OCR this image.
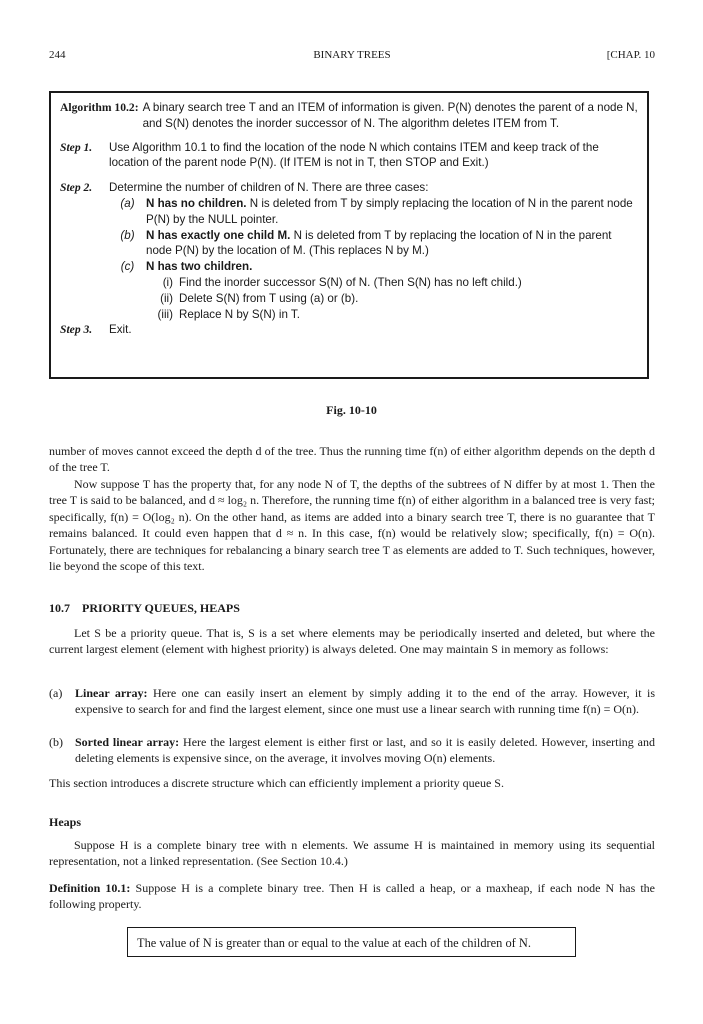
244	BINARY TREES	[CHAP. 10
Algorithm 10.2: A binary search tree T and an ITEM of information is given. P(N) denotes the parent of a node N, and S(N) denotes the inorder successor of N. The algorithm deletes ITEM from T.
Step 1.	Use Algorithm 10.1 to find the location of the node N which contains ITEM and keep track of the location of the parent node P(N). (If ITEM is not in T, then STOP and Exit.)
Step 2.	Determine the number of children of N. There are three cases:
(a) N has no children. N is deleted from T by simply replacing the location of N in the parent node P(N) by the NULL pointer.
(b) N has exactly one child M. N is deleted from T by replacing the location of N in the parent node P(N) by the location of M. (This replaces N by M.)
(c)	N has two children.
(i) Find the inorder successor S(N) of N. (Then S(N) has no left child.)
(ii) Delete S(N) from T using (a) or (b).
(iii) Replace N by S(N) in T.
Step 3.	Exit.
Fig. 10-10
number of moves cannot exceed the depth d of the tree. Thus the running time f(n) of either algorithm depends on the depth d of the tree T.
Now suppose T has the property that, for any node N of T, the depths of the subtrees of N differ by at most 1. Then the tree T is said to be balanced, and d ≈ log₂ n. Therefore, the running time f(n) of either algorithm in a balanced tree is very fast; specifically, f(n) = O(log₂ n). On the other hand, as items are added into a binary search tree T, there is no guarantee that T remains balanced. It could even happen that d ≈ n. In this case, f(n) would be relatively slow; specifically, f(n) = O(n). Fortunately, there are techniques for rebalancing a binary search tree T as elements are added to T. Such techniques, however, lie beyond the scope of this text.
10.7 PRIORITY QUEUES, HEAPS
Let S be a priority queue. That is, S is a set where elements may be periodically inserted and deleted, but where the current largest element (element with highest priority) is always deleted. One may maintain S in memory as follows:
(a)	Linear array: Here one can easily insert an element by simply adding it to the end of the array. However, it is expensive to search for and find the largest element, since one must use a linear search with running time f(n) = O(n).
(b)	Sorted linear array: Here the largest element is either first or last, and so it is easily deleted. However, inserting and deleting elements is expensive since, on the average, it involves moving O(n) elements.
This section introduces a discrete structure which can efficiently implement a priority queue S.
Heaps
Suppose H is a complete binary tree with n elements. We assume H is maintained in memory using its sequential representation, not a linked representation. (See Section 10.4.)
Definition 10.1: Suppose H is a complete binary tree. Then H is called a heap, or a maxheap, if each node N has the following property.
The value of N is greater than or equal to the value at each of the children of N.
